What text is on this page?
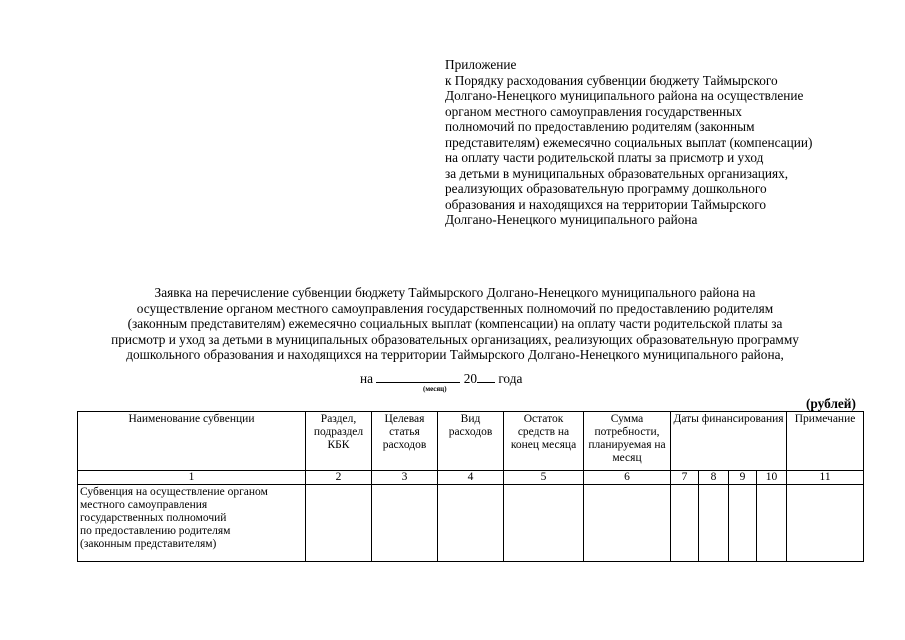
Приложение
к Порядку расходования субвенции бюджету Таймырского
Долгано-Ненецкого муниципального района на осуществление
органом местного самоуправления государственных
полномочий по предоставлению родителям (законным
представителям) ежемесячно социальных выплат (компенсации)
на оплату части родительской платы за присмотр и уход
за детьми в муниципальных образовательных организациях,
реализующих образовательную программу дошкольного
образования и находящихся на территории Таймырского
Долгано-Ненецкого муниципального района
Заявка на перечисление субвенции бюджету Таймырского Долгано-Ненецкого муниципального района на
осуществление органом местного самоуправления государственных полномочий по предоставлению родителям
(законным представителям) ежемесячно социальных выплат (компенсации) на оплату части родительской платы за
присмотр и уход за детьми в муниципальных образовательных организациях, реализующих образовательную программу
дошкольного образования и находящихся на территории Таймырского Долгано-Ненецкого муниципального района,
на	20 года
(месяц)
(рублей)
Наименование субвенции	Раздел, подраздел КБК	Целевая статья расходов	Вид расходов	Остаток средств на конец месяца	Сумма потребности, планируемая на месяц	Даты финансирования				Примечание
1	2	3	4	5	6	7	8	9	10	11

Субвенция на осуществление органом
местного самоуправления
государственных полномочий
по предоставлению родителям
(законным представителям)										
